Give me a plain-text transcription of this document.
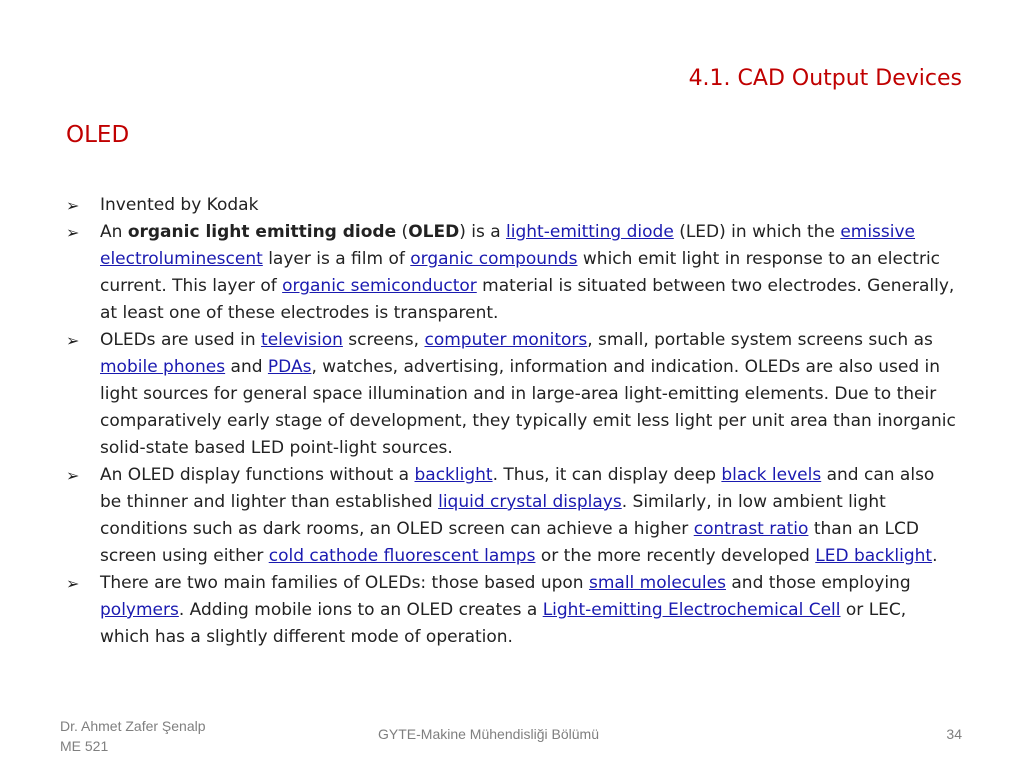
4.1. CAD Output Devices
OLED
➢ Invented by Kodak
➢ An organic light emitting diode (OLED) is a light-emitting diode (LED) in which the emissive electroluminescent layer is a film of organic compounds which emit light in response to an electric current. This layer of organic semiconductor material is situated between two electrodes. Generally, at least one of these electrodes is transparent.
➢ OLEDs are used in television screens, computer monitors, small, portable system screens such as mobile phones and PDAs, watches, advertising, information and indication. OLEDs are also used in light sources for general space illumination and in large-area light-emitting elements. Due to their comparatively early stage of development, they typically emit less light per unit area than inorganic solid-state based LED point-light sources.
➢ An OLED display functions without a backlight. Thus, it can display deep black levels and can also be thinner and lighter than established liquid crystal displays. Similarly, in low ambient light conditions such as dark rooms, an OLED screen can achieve a higher contrast ratio than an LCD screen using either cold cathode fluorescent lamps or the more recently developed LED backlight.
➢ There are two main families of OLEDs: those based upon small molecules and those employing polymers. Adding mobile ions to an OLED creates a Light-emitting Electrochemical Cell or LEC, which has a slightly different mode of operation.
Dr. Ahmet Zafer Şenalp
ME 521
GYTE-Makine Mühendisliği Bölümü	34
